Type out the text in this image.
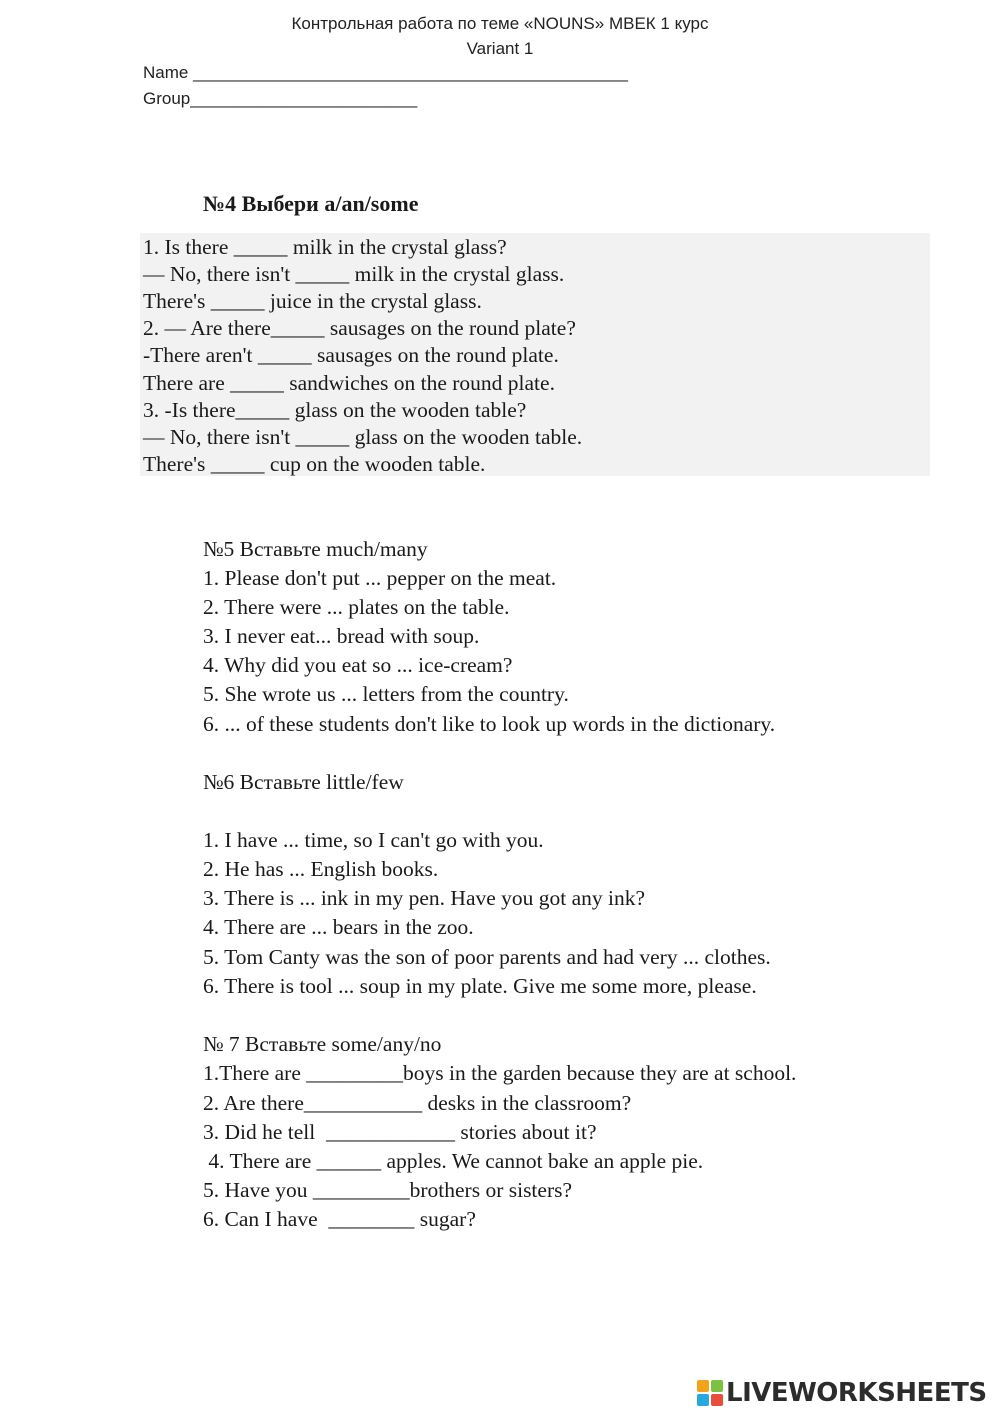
Контрольная работа по теме «NOUNS» МВЕК 1 курс
Variant 1
Name ______________________________________________
Group________________________
№4 Выбери a/an/some

1. Is there _____ milk in the crystal glass?

— No, there isn't _____ milk in the crystal glass.

There's _____ juice in the crystal glass.

2. — Are there_____ sausages on the round plate?

-There aren't _____ sausages on the round plate.

There are _____ sandwiches on the round plate.

3. -Is there_____ glass on the wooden table?

— No, there isn't _____ glass on the wooden table.

There's _____ cup on the wooden table.

№5 Вставьте much/many
1. Please don't put ... pepper on the meat.
2. There were ... plates on the table.
3. I never eat... bread with soup.
4. Why did you eat so ... ice-cream?
5. She wrote us ... letters from the country.
6. ... of these students don't like to look up words in the dictionary.
№6 Вставьте little/few
1. I have ... time, so I can't go with you.
2. He has ... English books.
3. There is ... ink in my pen. Have you got any ink?
4. There are ... bears in the zoo.
5. Tom Canty was the son of poor parents and had very ... clothes.
6. There is tool ... soup in my plate. Give me some more, please.
№ 7 Вставьте some/any/no
1.There are _________boys in the garden because they are at school.
2. Are there___________ desks in the classroom?
3. Did he tell  ____________ stories about it?
4. There are ______ apples. We cannot bake an apple pie.
5. Have you _________brothers or sisters?
6. Can I have  ________ sugar?
LIVEWORKSHEETS
